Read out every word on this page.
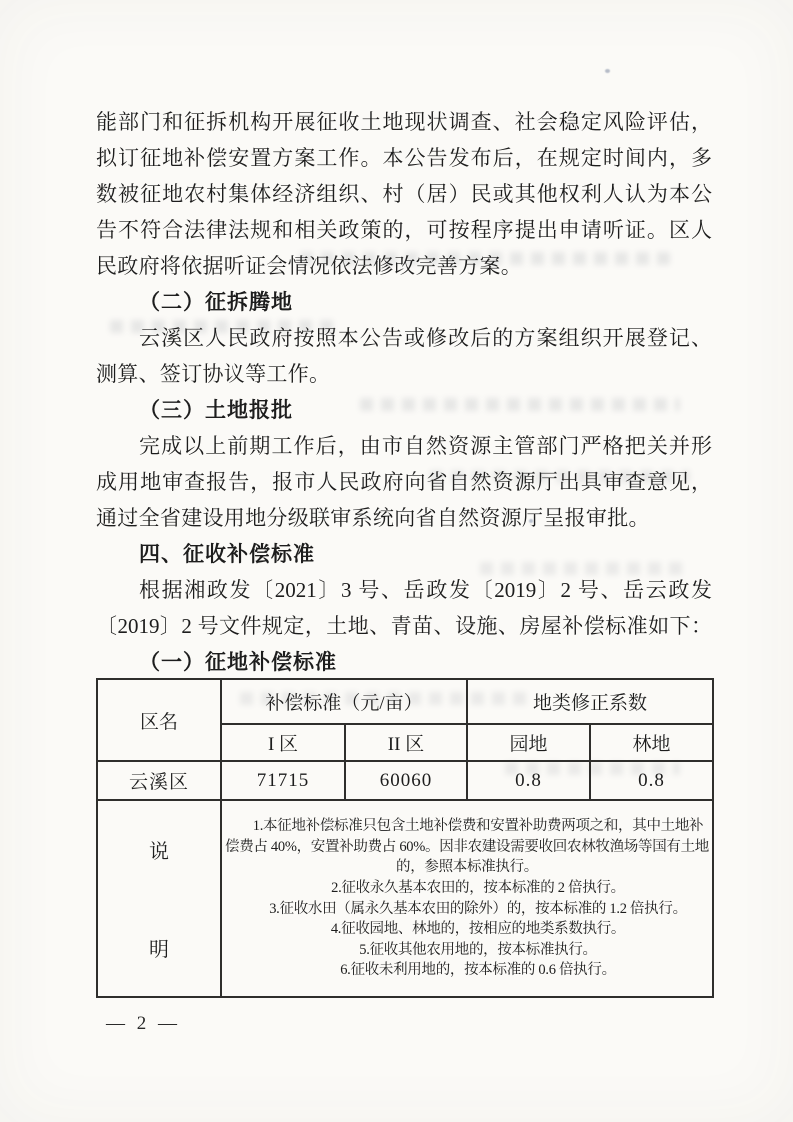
能部门和征拆机构开展征收土地现状调查、社会稳定风险评估，
拟订征地补偿安置方案工作。本公告发布后，在规定时间内，多
数被征地农村集体经济组织、村（居）民或其他权利人认为本公
告不符合法律法规和相关政策的，可按程序提出申请听证。区人
民政府将依据听证会情况依法修改完善方案。
（二）征拆腾地
云溪区人民政府按照本公告或修改后的方案组织开展登记、
测算、签订协议等工作。
（三）土地报批
完成以上前期工作后，由市自然资源主管部门严格把关并形
成用地审查报告，报市人民政府向省自然资源厅出具审查意见，
通过全省建设用地分级联审系统向省自然资源厅呈报审批。
四、征收补偿标准
根据湘政发〔2021〕3 号、岳政发〔2019〕2 号、岳云政发
〔2019〕2 号文件规定，土地、青苗、设施、房屋补偿标准如下：
（一）征地补偿标准
区名	补偿标准（元/亩）		地类修正系数	
	I 区	II 区	园地	林地
云溪区	71715	60060	0.8	0.8

说
明

1.本征地补偿标准只包含土地补偿费和安置补助费两项之和，其中土地补
偿费占 40%，安置补助费占 60%。因非农建设需要收回农林牧渔场等国有土地
的，参照本标准执行。
2.征收永久基本农田的，按本标准的 2 倍执行。
3.征收水田（属永久基本农田的除外）的，按本标准的 1.2 倍执行。
4.征收园地、林地的，按相应的地类系数执行。
5.征收其他农用地的，按本标准执行。
6.征收未利用地的，按本标准的 0.6 倍执行。
— 2 —
